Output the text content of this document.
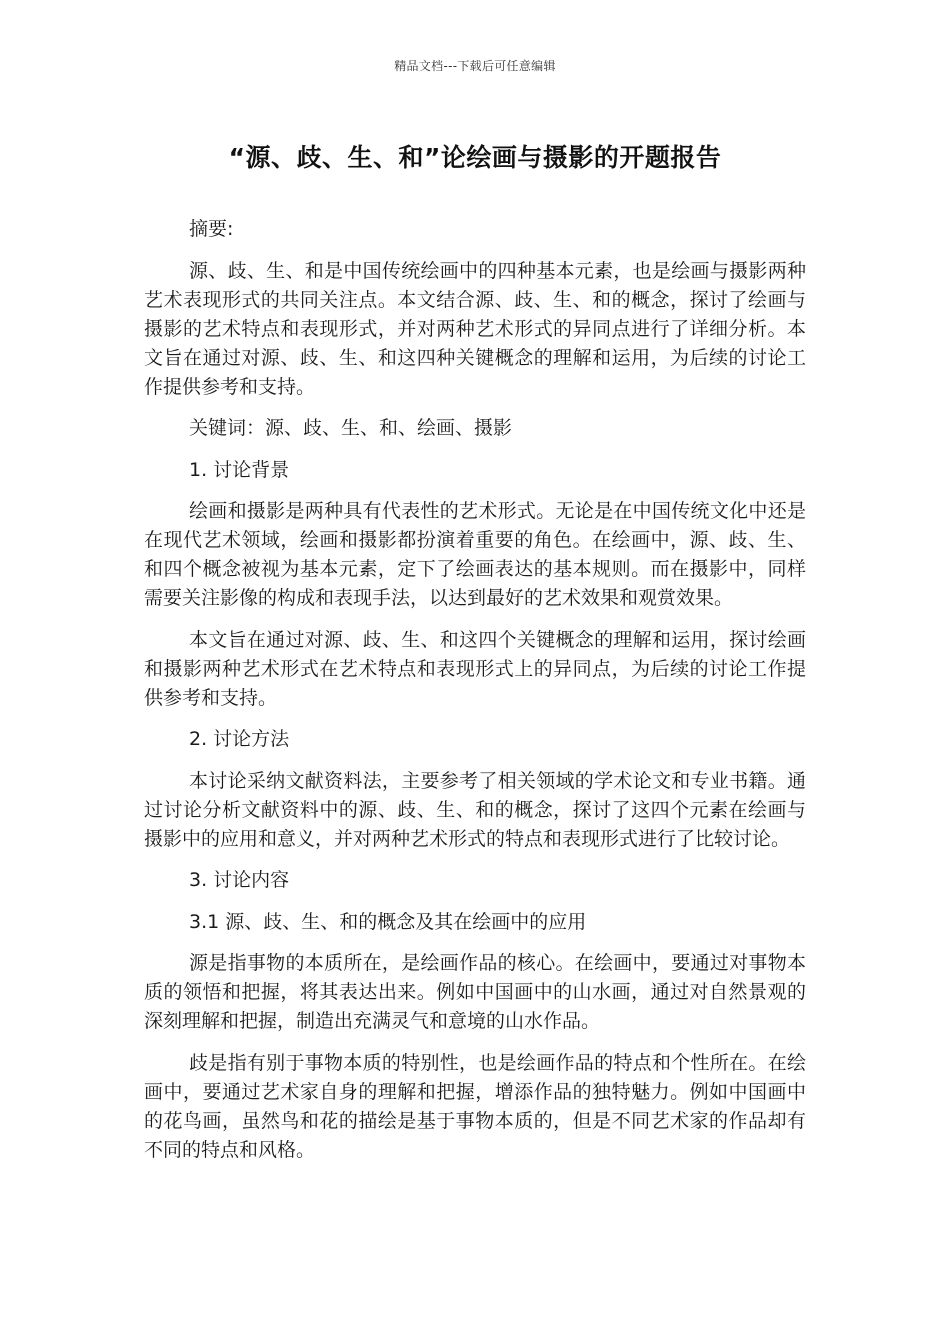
精品文档---下载后可任意编辑
“源、歧、生、和”论绘画与摄影的开题报告

摘要:

源、歧、生、和是中国传统绘画中的四种基本元素，也是绘画与摄影两种艺术表现形式的共同关注点。本文结合源、歧、生、和的概念，探讨了绘画与摄影的艺术特点和表现形式，并对两种艺术形式的异同点进行了详细分析。本文旨在通过对源、歧、生、和这四种关键概念的理解和运用，为后续的讨论工作提供参考和支持。

关键词：源、歧、生、和、绘画、摄影

1. 讨论背景

绘画和摄影是两种具有代表性的艺术形式。无论是在中国传统文化中还是在现代艺术领域，绘画和摄影都扮演着重要的角色。在绘画中，源、歧、生、和四个概念被视为基本元素，定下了绘画表达的基本规则。而在摄影中，同样需要关注影像的构成和表现手法，以达到最好的艺术效果和观赏效果。

本文旨在通过对源、歧、生、和这四个关键概念的理解和运用，探讨绘画和摄影两种艺术形式在艺术特点和表现形式上的异同点，为后续的讨论工作提供参考和支持。

2. 讨论方法

本讨论采纳文献资料法，主要参考了相关领域的学术论文和专业书籍。通过讨论分析文献资料中的源、歧、生、和的概念，探讨了这四个元素在绘画与摄影中的应用和意义，并对两种艺术形式的特点和表现形式进行了比较讨论。

3. 讨论内容

3.1 源、歧、生、和的概念及其在绘画中的应用

源是指事物的本质所在，是绘画作品的核心。在绘画中，要通过对事物本质的领悟和把握，将其表达出来。例如中国画中的山水画，通过对自然景观的深刻理解和把握，制造出充满灵气和意境的山水作品。

歧是指有别于事物本质的特别性，也是绘画作品的特点和个性所在。在绘画中，要通过艺术家自身的理解和把握，增添作品的独特魅力。例如中国画中的花鸟画，虽然鸟和花的描绘是基于事物本质的，但是不同艺术家的作品却有不同的特点和风格。
